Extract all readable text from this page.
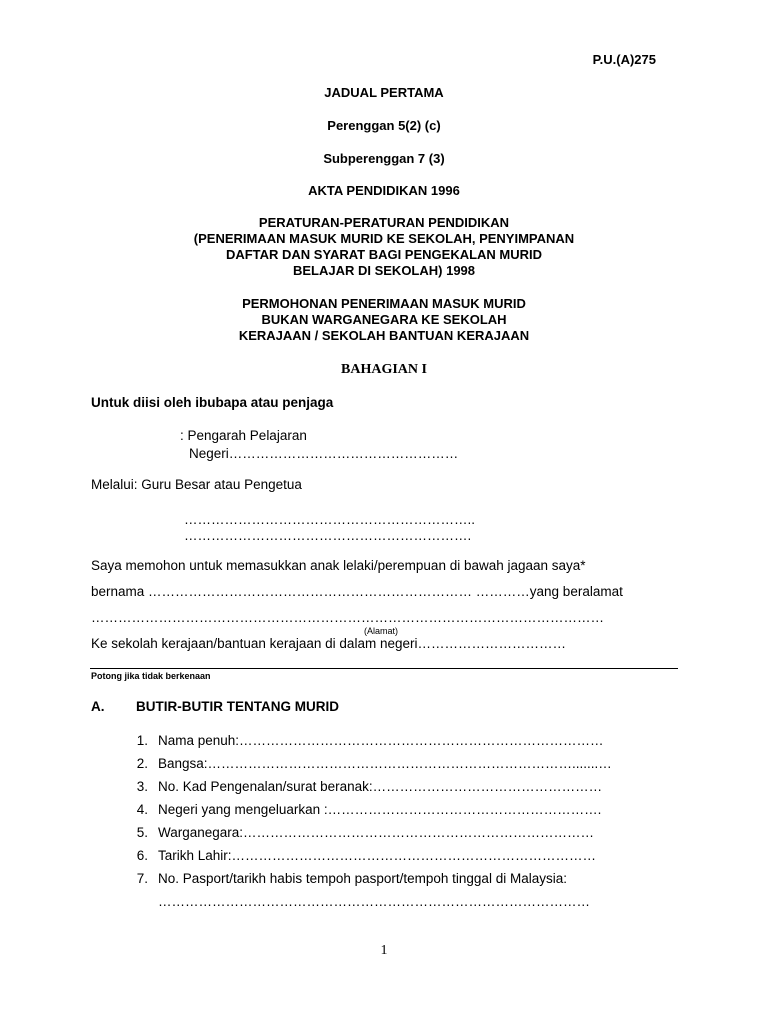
P.U.(A)275
JADUAL PERTAMA
Perenggan 5(2) (c)
Subperenggan 7 (3)
AKTA PENDIDIKAN 1996
PERATURAN-PERATURAN PENDIDIKAN
(PENERIMAAN MASUK MURID KE SEKOLAH, PENYIMPANAN
DAFTAR DAN SYARAT BAGI PENGEKALAN MURID
BELAJAR DI SEKOLAH) 1998
PERMOHONAN PENERIMAAN MASUK MURID
BUKAN WARGANEGARA KE SEKOLAH
KERAJAAN / SEKOLAH BANTUAN KERAJAAN
BAHAGIAN I
Untuk diisi oleh ibubapa atau penjaga
: Pengarah Pelajaran
Negeri……………………………………………
Melalui: Guru Besar atau Pengetua
………………………………………………………..
……………………………………………………….
Saya memohon untuk memasukkan anak lelaki/perempuan di bawah jagaan saya*
bernama ……………………………………………………………… …………yang beralamat
……………………………………………………………………………………………………
(Alamat)
Ke sekolah kerajaan/bantuan kerajaan di dalam negeri……………………………
Potong jika tidak berkenaan
A. BUTIR-BUTIR TENTANG MURID
1. Nama penuh:………………………………………………………………………
2. Bangsa:……………………………………………………………………….......…
3. No. Kad Pengenalan/surat beranak:……………………………………………
4. Negeri yang mengeluarkan :…………………………………………………….
5. Warganegara:……………………………………………………………………
6. Tarikh Lahir:………………………………………………………………………
7. No. Pasport/tarikh habis tempoh pasport/tempoh tinggal di Malaysia:
……………………………………………………………………………………
1
